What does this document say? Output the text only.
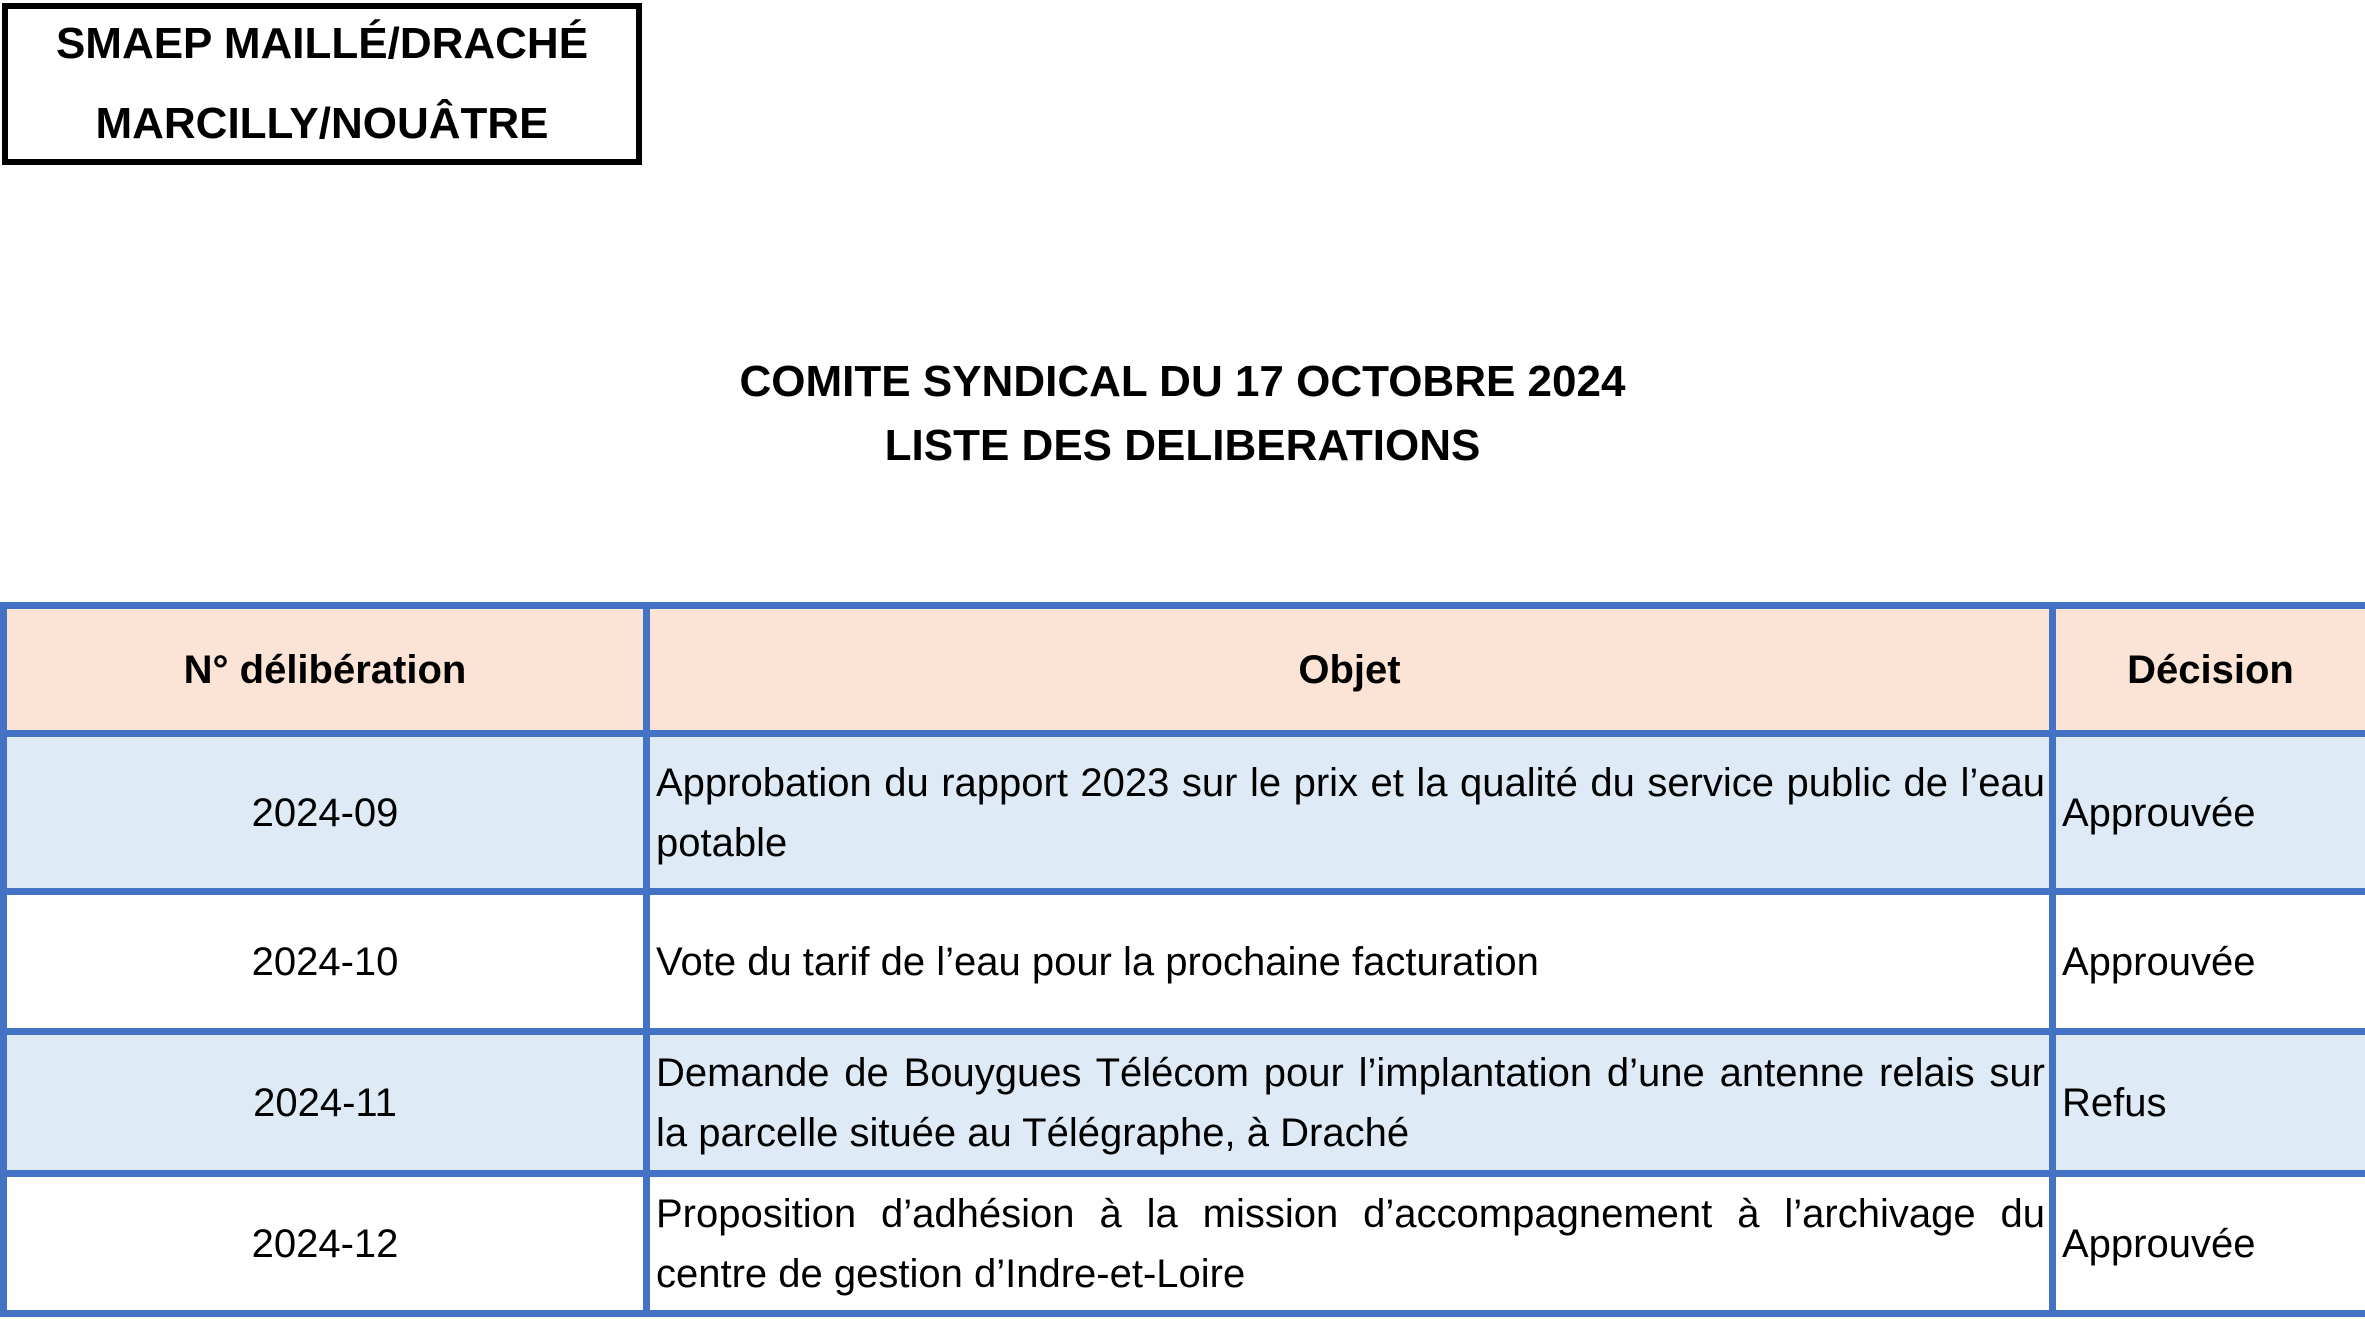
SMAEP MAILLÉ/DRACHÉ
MARCILLY/NOUÂTRE
COMITE SYNDICAL DU 17 OCTOBRE 2024
LISTE DES DELIBERATIONS
N° délibération	Objet	Décision
2024-09	Approbation du rapport 2023 sur le prix et la qualité du service public de l’eau potable	Approuvée
2024-10	Vote du tarif de l’eau pour la prochaine facturation	Approuvée
2024-11	Demande de Bouygues Télécom pour l’implantation d’une antenne relais sur la parcelle située au Télégraphe, à Draché	Refus
2024-12	Proposition d’adhésion à la mission d’accompagnement à l’archivage du centre de gestion d’Indre-et-Loire	Approuvée
